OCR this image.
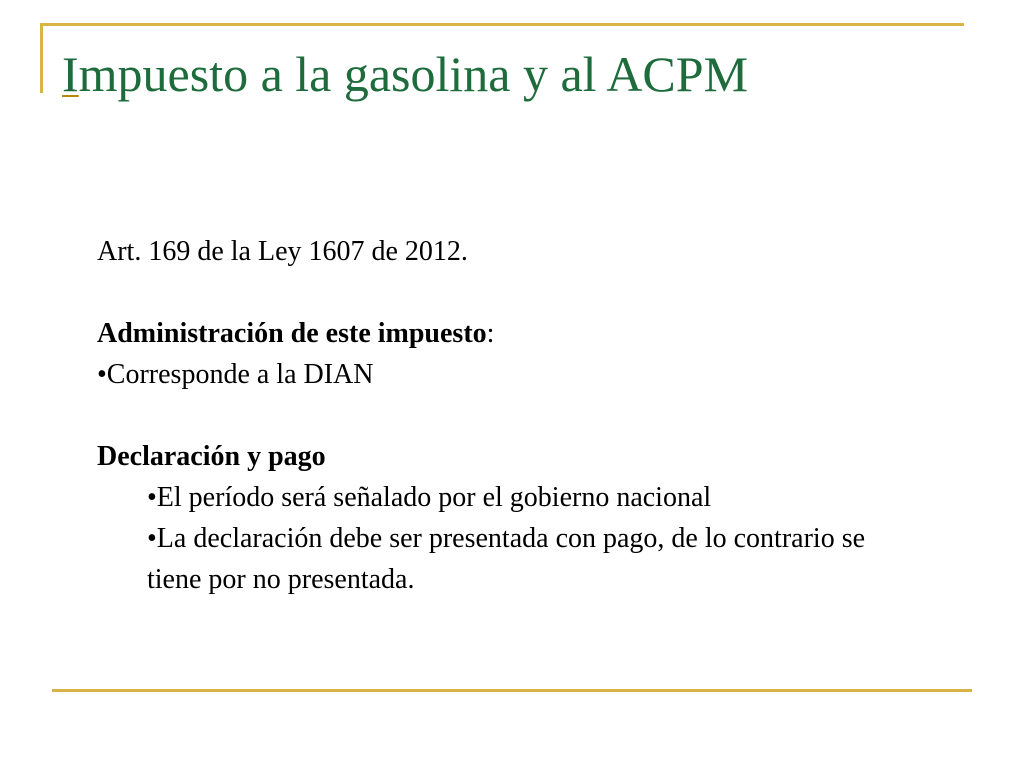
Impuesto a la gasolina y al ACPM
Art. 169 de la Ley 1607 de 2012.
Administración de este impuesto:
•Corresponde a la DIAN
Declaración y pago
•El período será señalado por el gobierno nacional
•La declaración debe ser presentada con pago, de lo contrario se tiene por no presentada.
